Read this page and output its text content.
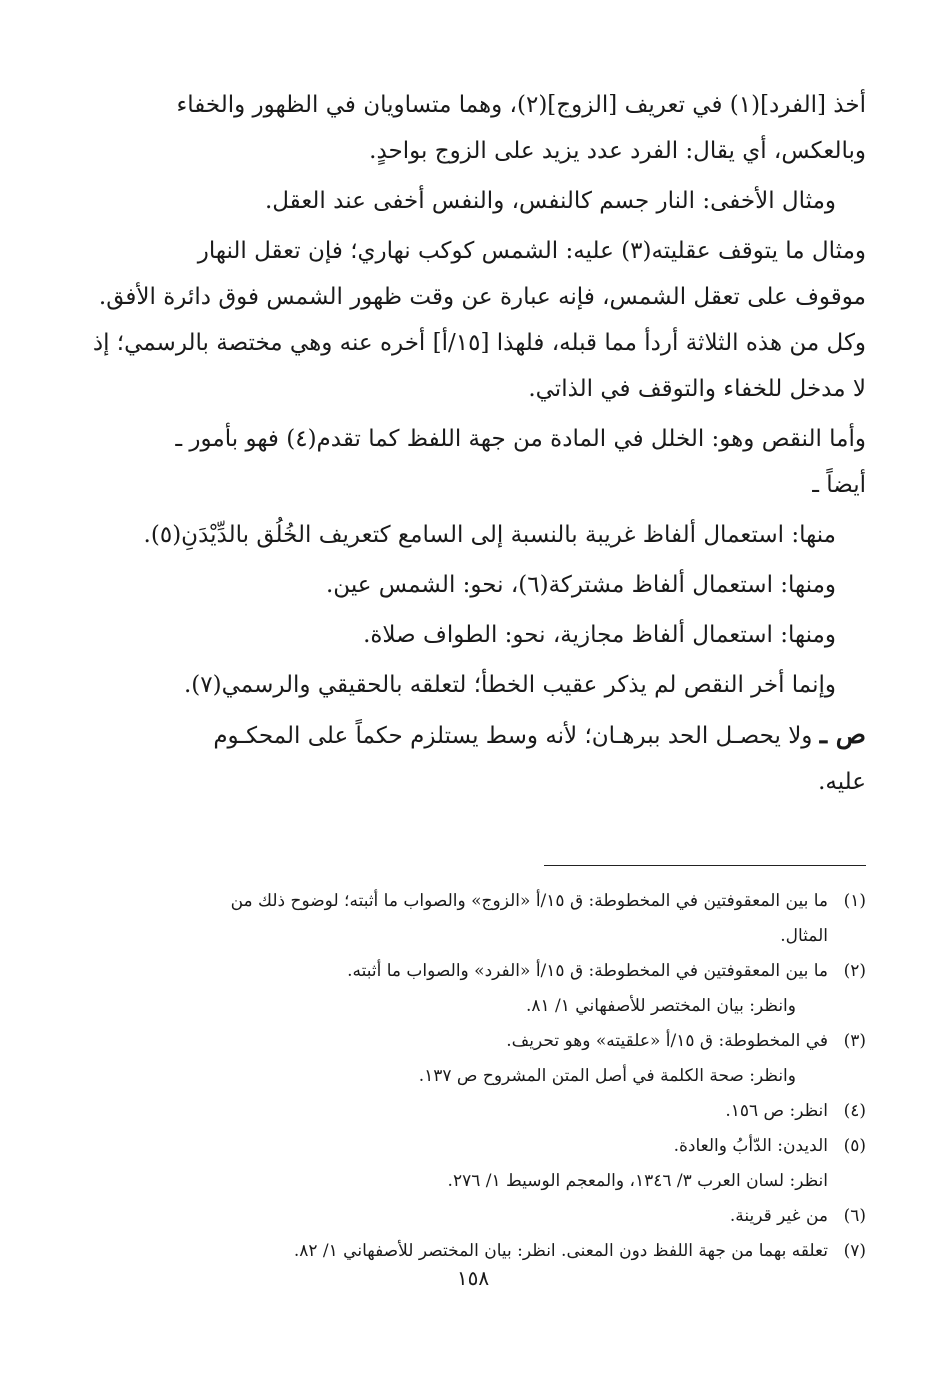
أخذ [الفرد](١) في تعريف [الزوج](٢)، وهما متساويان في الظهور والخفاء
وبالعكس، أي يقال: الفرد عدد يزيد على الزوج بواحدٍ.

ومثال الأخفى: النار جسم كالنفس، والنفس أخفى عند العقل.

ومثال ما يتوقف عقليته(٣) عليه: الشمس كوكب نهاري؛ فإن تعقل النهار
موقوف على تعقل الشمس، فإنه عبارة عن وقت ظهور الشمس فوق دائرة الأفق.
وكل من هذه الثلاثة أردأ مما قبله، فلهذا [١٥/أ] أخره عنه وهي مختصة بالرسمي؛ إذ
لا مدخل للخفاء والتوقف في الذاتي.

وأما النقص وهو: الخلل في المادة من جهة اللفظ كما تقدم(٤) فهو بأمور ـ
أيضاً ـ

منها: استعمال ألفاظ غريبة بالنسبة إلى السامع كتعريف الخُلُق بالدِّيْدَنِ(٥).

ومنها: استعمال ألفاظ مشتركة(٦)، نحو: الشمس عين.

ومنها: استعمال ألفاظ مجازية، نحو: الطواف صلاة.

وإنما أخر النقص لم يذكر عقيب الخطأ؛ لتعلقه بالحقيقي والرسمي(٧).

ص ـ ولا يحصـل الحد ببرهـان؛ لأنه وسط يستلزم حكماً على المحكـوم
عليه.

(١)ما بين المعقوفتين في المخطوطة: ق ١٥/أ «الزوج» والصواب ما أثبته؛ لوضوح ذلك من

المثال.

(٢)ما بين المعقوفتين في المخطوطة: ق ١٥/أ «الفرد» والصواب ما أثبته.

وانظر: بيان المختصر للأصفهاني ١/ ٨١.

(٣)في المخطوطة: ق ١٥/أ «علقيته» وهو تحريف.

وانظر: صحة الكلمة في أصل المتن المشروح ص ١٣٧.

(٤)انظر: ص ١٥٦.

(٥)الديدن: الدّأبُ والعادة.

انظر: لسان العرب ٣/ ١٣٤٦، والمعجم الوسيط ١/ ٢٧٦.

(٦)من غير قرينة.

(٧)تعلقه بهما من جهة اللفظ دون المعنى. انظر: بيان المختصر للأصفهاني ١/ ٨٢.

١٥٨
